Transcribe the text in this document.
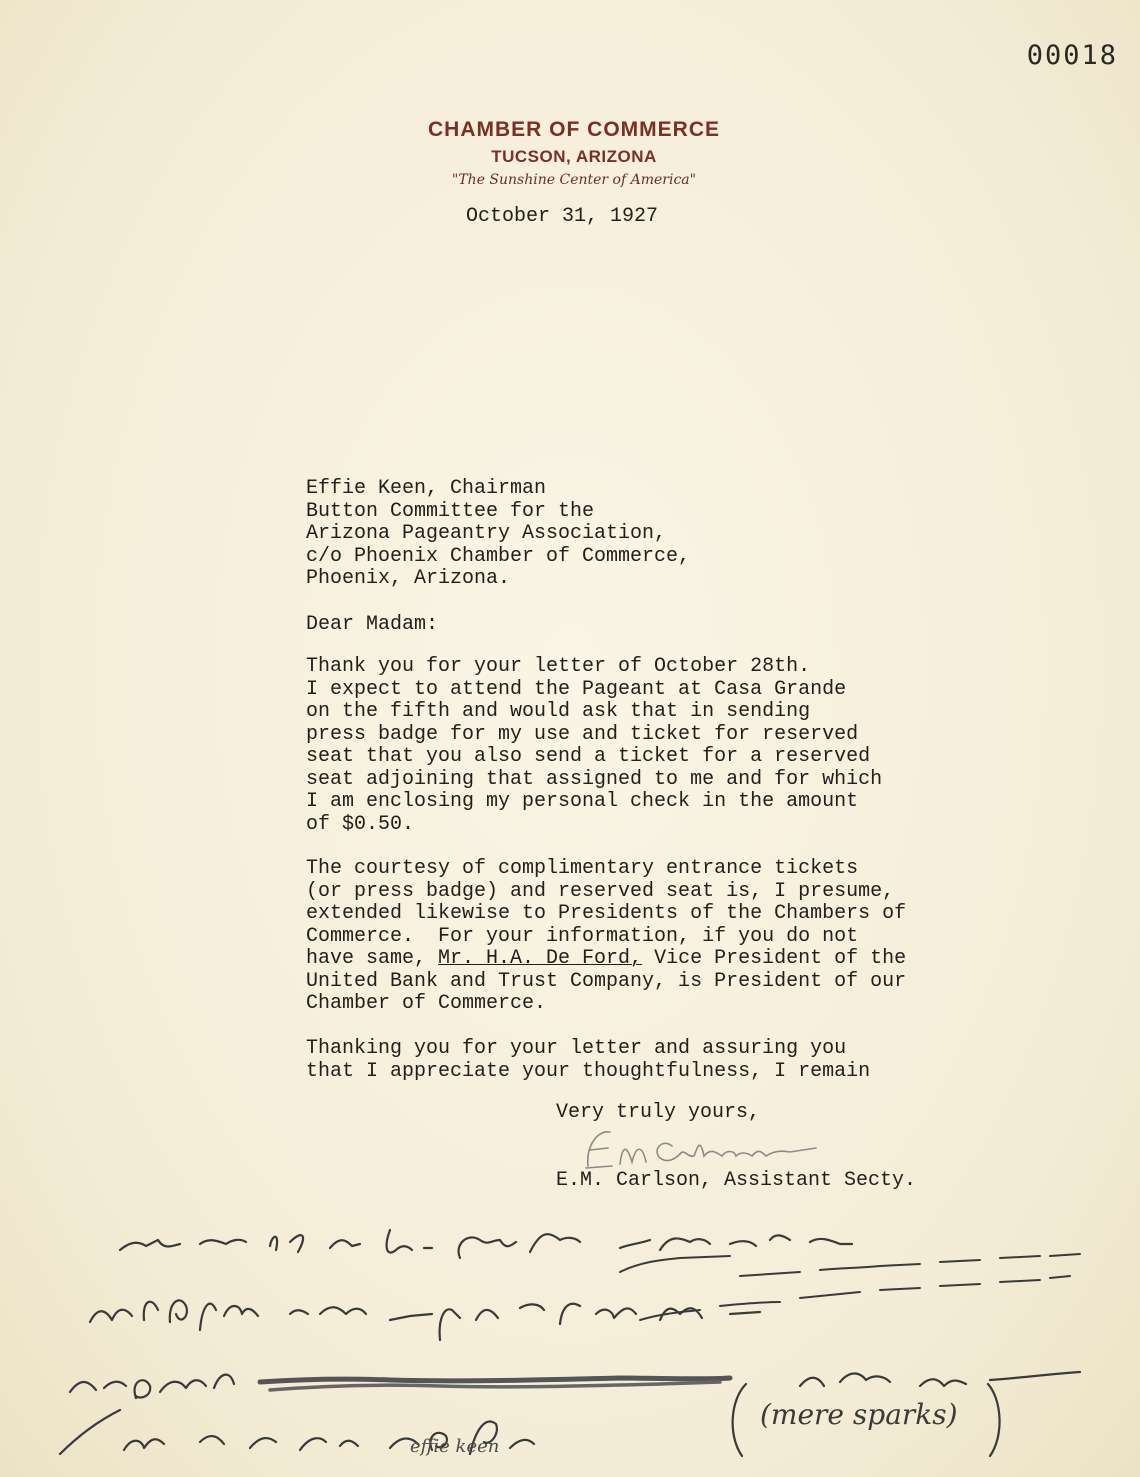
00018
CHAMBER OF COMMERCE
TUCSON, ARIZONA
"The Sunshine Center of America"
October 31, 1927
Effie Keen, Chairman
Button Committee for the
Arizona Pageantry Association,
c/o Phoenix Chamber of Commerce,
Phoenix, Arizona.
Dear Madam:
Thank you for your letter of October 28th.
I expect to attend the Pageant at Casa Grande
on the fifth and would ask that in sending
press badge for my use and ticket for reserved
seat that you also send a ticket for a reserved
seat adjoining that assigned to me and for which
I am enclosing my personal check in the amount
of $0.50.
The courtesy of complimentary entrance tickets
(or press badge) and reserved seat is, I presume,
extended likewise to Presidents of the Chambers of
Commerce.  For your information, if you do not
have same, Mr. H.A. De Ford, Vice President of the
United Bank and Trust Company, is President of our
Chamber of Commerce.
Thanking you for your letter and assuring you
that I appreciate your thoughtfulness, I remain
Very truly yours,
E.M. Carlson, Assistant Secty.
(mere sparks)
effie keen
